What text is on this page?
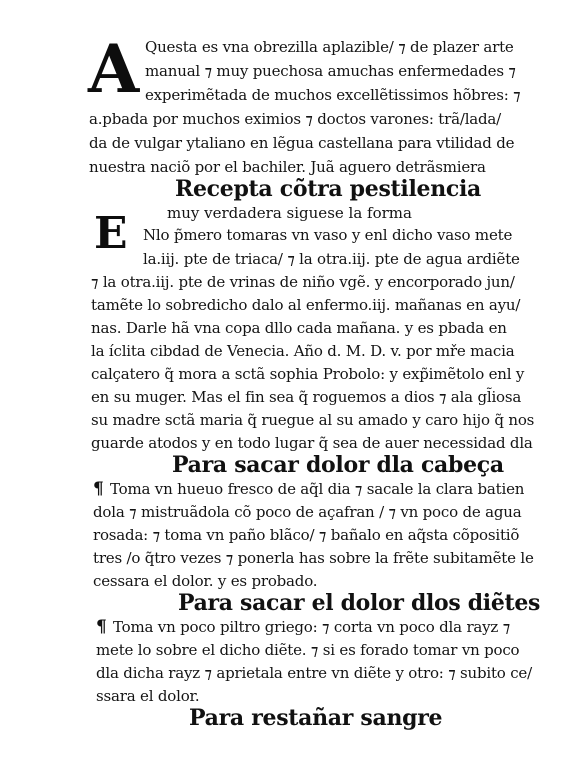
A Questa es vna obrezilla aplazible/ ⁊ de plazer arte
manual ⁊ muy puechosa amuchas enfermedades ⁊
experimẽtada de muchos excellẽtissimos hõbres: ⁊
a.pbada por muchos eximios ⁊ doctos varones: trã/lada/
da de vulgar ytaliano en lẽgua castellana para vtilidad de
nuestra naciõ por el bachiler. Juã aguero detrãsmiera
Recepta cõtra pestilencia
muy verdadera siguese la forma
E Nlo p̃mero tomaras vn vaso y enl dicho vaso mete
la.iij. pte de triaca/ ⁊ la otra.iij. pte de agua ardiẽte
⁊ la otra.iij. pte de vrinas de niño vgẽ. y encorporado jun/
tamẽte lo sobredicho dalo al enfermo.iij. mañanas en ayu/
nas. Darle hã vna copa dllo cada mañana. y es pbada en
la íclita cibdad de Venecia. Año d. M. D. v. por mře macia
calçatero q̃ mora a sctã sophia Probolo: y exp̃imẽtolo enl y
en su muger. Mas el fin sea q̃ roguemos a dios ⁊ ala gl̃iosa
su madre sctã maria q̃ ruegue al su amado y caro hijo q̃ nos
guarde atodos y en todo lugar q̃ sea de auer necessidad dla
Para sacar dolor dla cabeça
¶ Toma vn hueuo fresco de aq̃l dia ⁊ sacale la clara batien
dola ⁊ mistruãdola cõ poco de açafran / ⁊ vn poco de agua
rosada: ⁊ toma vn paño blãco/ ⁊ bañalo en aq̃sta cõpositiõ
tres /o q̃tro vezes ⁊ ponerla has sobre la frẽte subitamẽte le
cessara el dolor. y es probado.
Para sacar el dolor dlos diẽtes
¶ Toma vn poco piltro griego: ⁊ corta vn poco dla rayz ⁊
mete lo sobre el dicho diẽte. ⁊ si es forado tomar vn poco
dla dicha rayz ⁊ aprietala entre vn diẽte y otro: ⁊ subito ce/
ssara el dolor.
Para restañar sangre
